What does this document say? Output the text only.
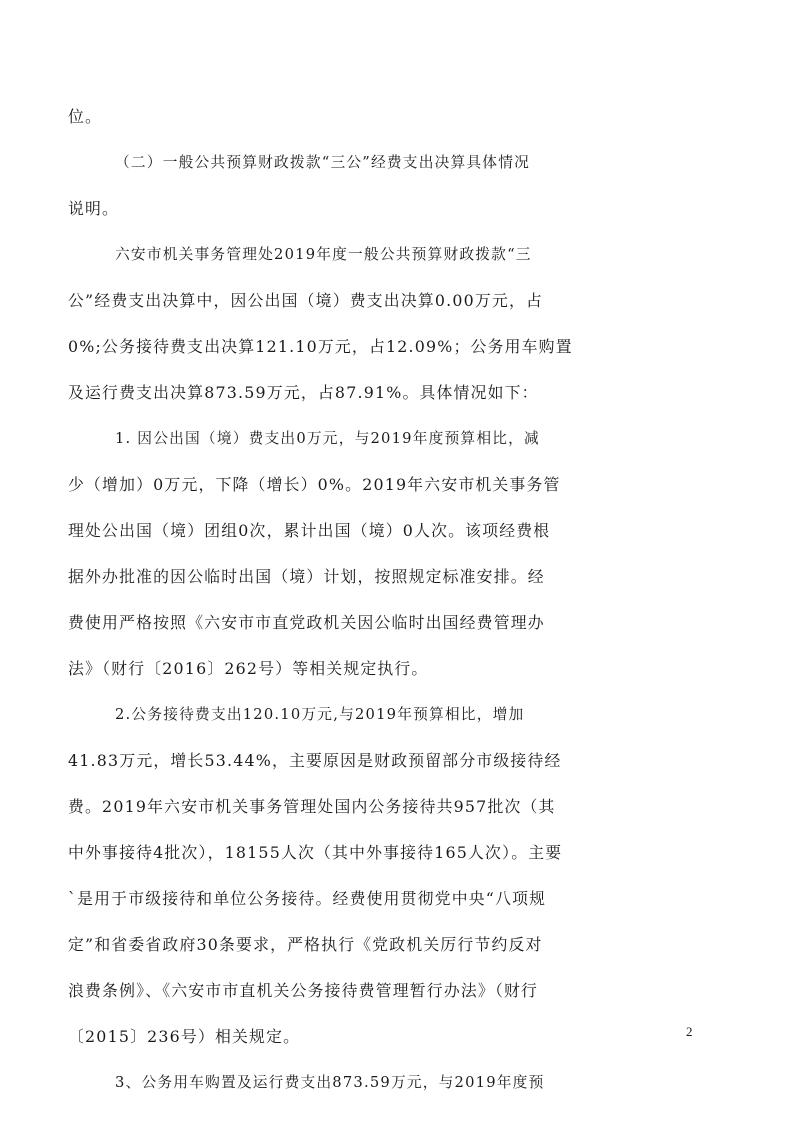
位。
（二）一般公共预算财政拨款“三公”经费支出决算具体情况
说明。
六安市机关事务管理处2019年度一般公共预算财政拨款“三
公”经费支出决算中，因公出国（境）费支出决算0.00万元，占
0%;公务接待费支出决算121.10万元，占12.09%；公务用车购置
及运行费支出决算873.59万元，占87.91%。具体情况如下：
1. 因公出国（境）费支出0万元，与2019年度预算相比，减
少（增加）0万元，下降（增长）0%。2019年六安市机关事务管
理处公出国（境）团组0次，累计出国（境）0人次。该项经费根
据外办批准的因公临时出国（境）计划，按照规定标准安排。经
费使用严格按照《六安市市直党政机关因公临时出国经费管理办
法》（财行〔2016〕262号）等相关规定执行。
2.公务接待费支出120.10万元,与2019年预算相比，增加
41.83万元，增长53.44%，主要原因是财政预留部分市级接待经
费。2019年六安市机关事务管理处国内公务接待共957批次（其
中外事接待4批次），18155人次（其中外事接待165人次）。主要
`是用于市级接待和单位公务接待。经费使用贯彻党中央“八项规
定”和省委省政府30条要求，严格执行《党政机关厉行节约反对
浪费条例》、《六安市市直机关公务接待费管理暂行办法》（财行
〔2015〕236号）相关规定。
3、公务用车购置及运行费支出873.59万元，与2019年度预
2
